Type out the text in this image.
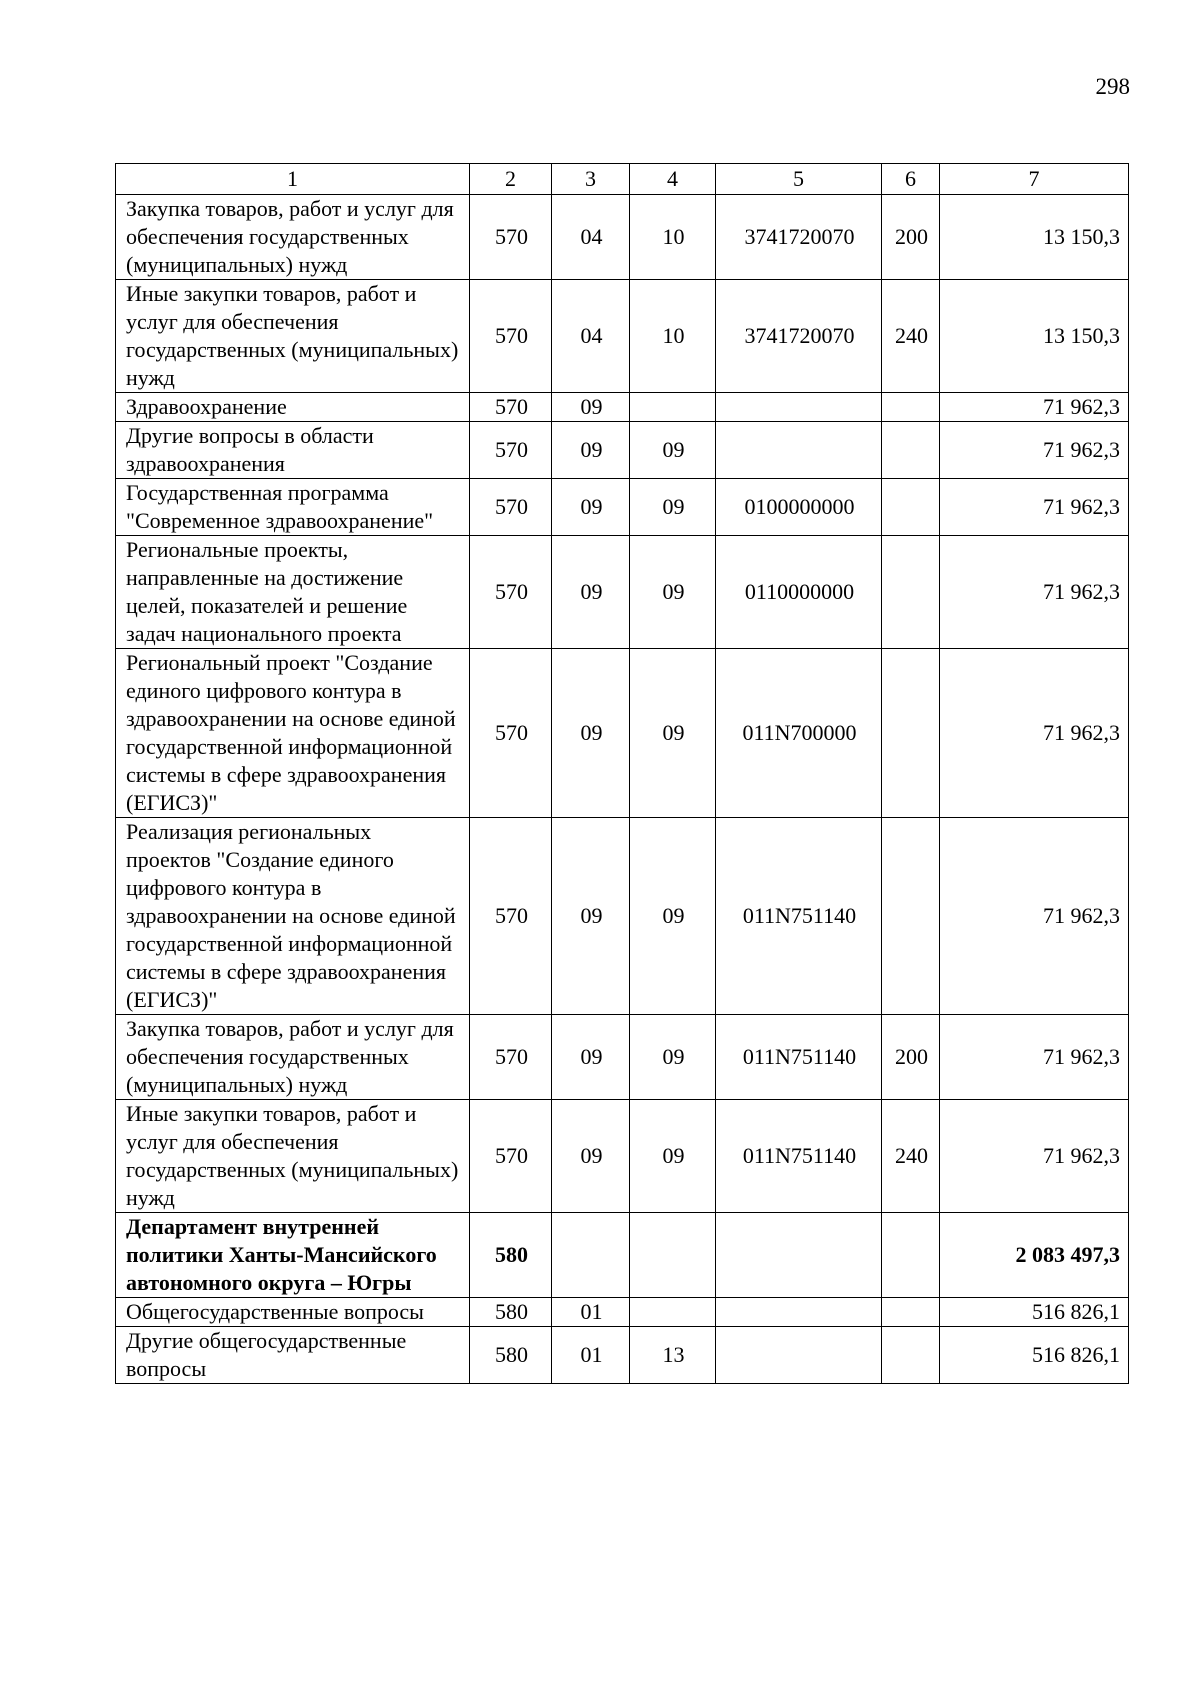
298
1	2	3	4	5	6	7
Закупка товаров, работ и услуг для обеспечения государственных (муниципальных) нужд	570	04	10	3741720070	200	13 150,3
Иные закупки товаров, работ и услуг для обеспечения государственных (муниципальных) нужд	570	04	10	3741720070	240	13 150,3
Здравоохранение	570	09				71 962,3
Другие вопросы в области здравоохранения	570	09	09			71 962,3
Государственная программа "Современное здравоохранение"	570	09	09	0100000000		71 962,3
Региональные проекты, направленные на достижение целей, показателей и решение задач национального проекта	570	09	09	0110000000		71 962,3
Региональный проект "Создание единого цифрового контура в здравоохранении на основе единой государственной информационной системы в сфере здравоохранения (ЕГИСЗ)"	570	09	09	011N700000		71 962,3
Реализация региональных проектов "Создание единого цифрового контура в здравоохранении на основе единой государственной информационной системы в сфере здравоохранения (ЕГИСЗ)"	570	09	09	011N751140		71 962,3
Закупка товаров, работ и услуг для обеспечения государственных (муниципальных) нужд	570	09	09	011N751140	200	71 962,3
Иные закупки товаров, работ и услуг для обеспечения государственных (муниципальных) нужд	570	09	09	011N751140	240	71 962,3
Департамент внутренней политики Ханты-Мансийского автономного округа – Югры	580					2 083 497,3
Общегосударственные вопросы	580	01				516 826,1
Другие общегосударственные вопросы	580	01	13			516 826,1
